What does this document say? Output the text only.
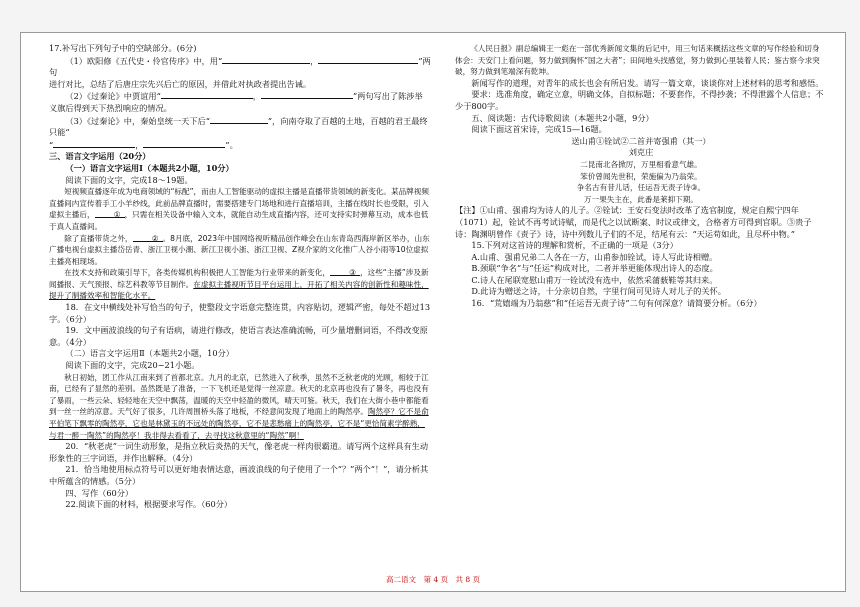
17.补写出下列句子中的空缺部分。(6分)

（1）欧阳修《五代史・伶官传序》中，用“	，	”两句

进行对比，总结了后唐庄宗先兴后亡的原因，并借此对执政者提出告诫。

（2）《过秦论》中贾谊用“	，	”两句写出了陈涉举

义旗后得到天下热烈响应的情况。

（3）《过秦论》中，秦始皇统一天下后“	”，向南夺取了百越的土地，百越的君王最终只能“

“	，	”。

三、语言文字运用（20分）

（一）语言文字运用Ⅰ（本题共2小题，10分）

阅读下面的文字，完成18～19题。

短视频直播逐年成为电商领域的“标配”，而由人工智能驱动的虚拟主播是直播带货领域的新变化。某品牌视频直播间内宣传着手工小羊纱线，此前品牌直播时，需要搭建专门场地和进行直播培训，主播在线时长也受限，引入虚拟主播后，	① ，只需在相关设备中输入文本，就能自动生成直播内容，还可支持实时弹幕互动，成本也低于真人直播间。

除了直播带货之外，	② 。8月底，2023年中国网络视听精品创作峰会在山东青岛西海岸新区举办，山东广播电视台虚拟主播岱岳青、浙江卫视小潮、新江卫视小浙、浙江卫视、Z视介家的文化推广人谷小雨等10位虚拟主播亮相现场。

在技术支持和政策引导下，各类传媒机构积极把人工智能为行业带来的新变化，	③ ，这些“主播”涉及新闻播报、天气预报、综艺科教等节目制作。在虚拟主播视听节目平台运用上，开拓了相关内容的创新性和趣味性，提升了制播效率和智能化水平。

18．在文中横线处补写恰当的句子，使整段文字语意完整连贯，内容贴切，逻辑严密，每处不超过13字。（6分）

19．文中画波浪线的句子有语病，请进行修改，使语言表达准确流畅，可少量增删词语，不得改变原意。（4分）

（二）语言文字运用Ⅱ（本题共2小题，10分）

阅读下面的文字，完成20~21小题。

秋日初始，团工作从江南来到了首都北京。九月的北京，已然进入了秋季，虽然不乏秋老虎的光顾，相较于江南，已经有了显然的差别。虽然既是了准备，一下飞机还是觉得一丝凉意。秋天的北京再也没有了暑冬，再也没有了暴雨，一些云朵、轻轻地在天空中飘荡，温暖的天空中轻盈的微风，晴天可鉴。秋天，我们在大街小巷中都能看到一丝一丝的凉意。天气好了很多，几许周围桥头落了地板，不经意间发现了地面上的陶然亭。陶然亭？它不是俞平伯笔下飘零的陶然亭，它也是林黛玉的不远处的陶然亭，它不是悲愁痛上的陶然亭，它不是“更恰简素学醉熟，与君一醉一陶然”的陶然亭！我非得去看看了，去寻找这秋意里的“陶然”啊！

20．“秋老虎”一词生动形象，是指立秋后炎热的天气，像老虎一样肉很霸道。请写两个这样具有生动形象性的三字词语，并作出解释。（4分）

21．恰当地使用标点符号可以更好地表情达意，画波浪线的句子使用了一个“？”两个“！”，请分析其中所蕴含的情感。（5分）

四、写作（60分）

22.阅读下面的材料，根据要求写作。（60分）

《人民日报》副总编辑王一彪在一部优秀新闻文集的后记中，用三句话来概括这些文章的写作经验和切身体会：天安门上看问题，努力做到胸怀“国之大者”；田间地头找感觉，努力做到心里装着人民；鉴古察今求突破，努力做到笔端深有乾坤。

新闻写作的道理，对青年的成长也会有所启发。请写一篇文章，谈谈你对上述材料的思考和感悟。

要求：选准角度，确定立意，明确文体，自拟标题；不要套作，不得抄袭；不得泄露个人信息；不少于800字。

五、阅读题：古代诗歌阅读（本题共2小题，9分）

阅读下面这首宋诗，完成15—16题。

送山甫①铨试②二首并寄强甫（其一）

刘克庄

二昆南北各掀厉，万里相看意气雄。

笨价曾闻先世积，荣施偏为乃翁荣。

争名古有昔儿话，任运吾无责子诗③。

万一果失主在，此番是莱抑下期。

【注】①山甫、强甫均为诗人的儿子。②铨试：王安石变法时改革了选官制度，规定自熙宁四年（1071）起，铨试不再考试诗赋，而是代之以试断案、时议或律文，合格者方可得到官职。③贵子诗：陶渊明曾作《责子》诗，诗中列数儿子们的不足，结尾有云：“天运苟如此，且尽杯中物。”

15.下列对这首诗的理解和赏析，不正确的一项是（3分）

A.山甫、强甫兄弟二人各在一方，山甫参加铨试，诗人写此诗相赠。

B.颈联“争名”与“任运”构成对比，二者并举更能体现出诗人的态度。

C.诗人在尾联宽慰山甫万一铨试没有选中，依然采蒲薮鞋等其归来。

D.此诗为赠送之诗，十分亲切自然，字里行间可见诗人对儿子的关怀。

16．“荒嬉端为乃翁慈”和“任运吾无责子诗”二句有何深意？请简要分析。（6分）

高二语文　第 4 页　共 8 页
